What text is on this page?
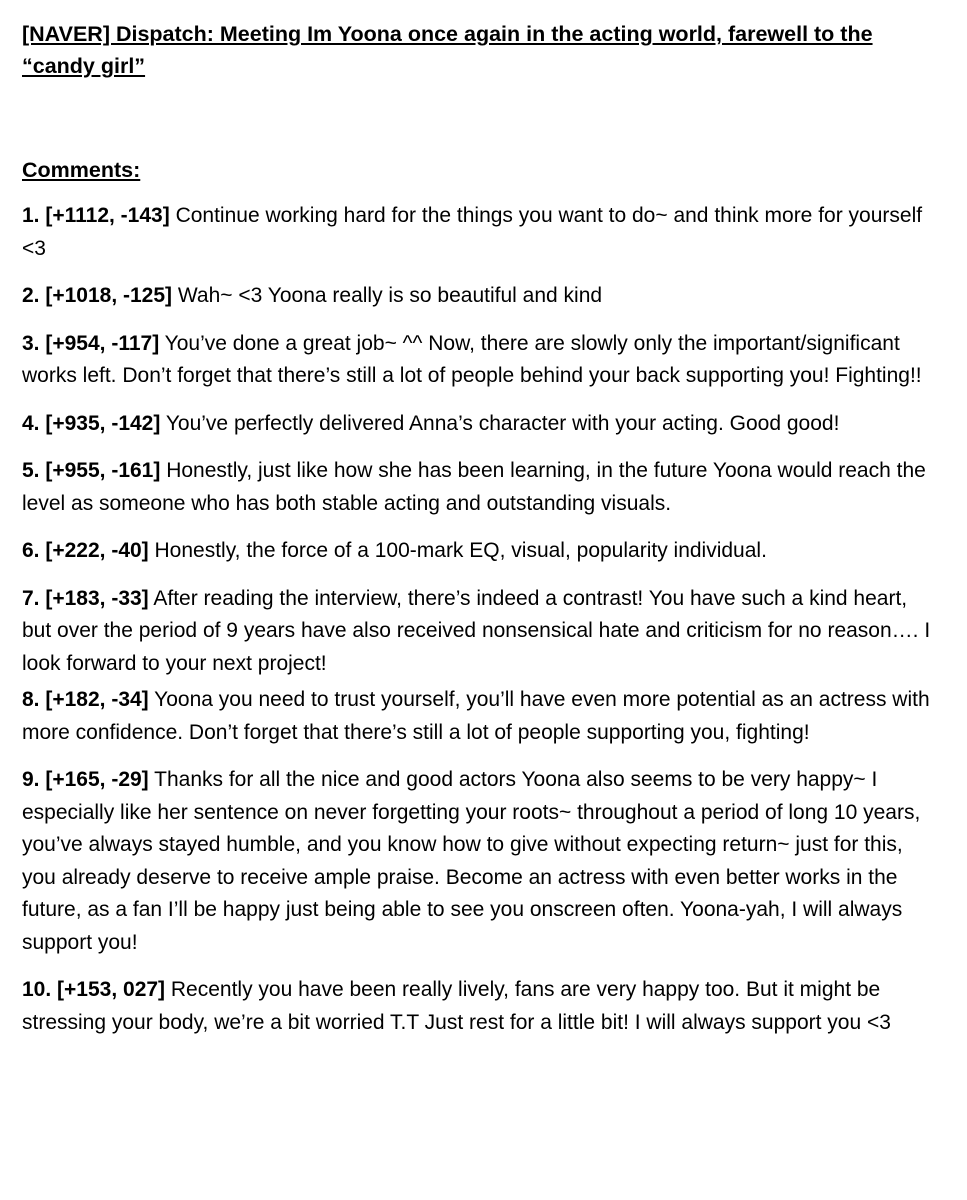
[NAVER] Dispatch: Meeting Im Yoona once again in the acting world, farewell to the “candy girl”
Comments:
1. [+1112, -143] Continue working hard for the things you want to do~ and think more for yourself <3
2. [+1018, -125] Wah~ <3 Yoona really is so beautiful and kind
3. [+954, -117] You’ve done a great job~ ^^ Now, there are slowly only the important/significant works left. Don’t forget that there’s still a lot of people behind your back supporting you! Fighting!!
4. [+935, -142] You’ve perfectly delivered Anna’s character with your acting. Good good!
5. [+955, -161] Honestly, just like how she has been learning, in the future Yoona would reach the level as someone who has both stable acting and outstanding visuals.
6. [+222, -40] Honestly, the force of a 100-mark EQ, visual, popularity individual.
7. [+183, -33] After reading the interview, there’s indeed a contrast! You have such a kind heart, but over the period of 9 years have also received nonsensical hate and criticism for no reason…. I look forward to your next project!
8. [+182, -34] Yoona you need to trust yourself, you’ll have even more potential as an actress with more confidence. Don’t forget that there’s still a lot of people supporting you, fighting!
9. [+165, -29] Thanks for all the nice and good actors Yoona also seems to be very happy~ I especially like her sentence on never forgetting your roots~ throughout a period of long 10 years, you’ve always stayed humble, and you know how to give without expecting return~ just for this, you already deserve to receive ample praise. Become an actress with even better works in the future, as a fan I’ll be happy just being able to see you onscreen often. Yoona-yah, I will always support you!
10. [+153, 027] Recently you have been really lively, fans are very happy too. But it might be stressing your body, we’re a bit worried T.T Just rest for a little bit! I will always support you <3
